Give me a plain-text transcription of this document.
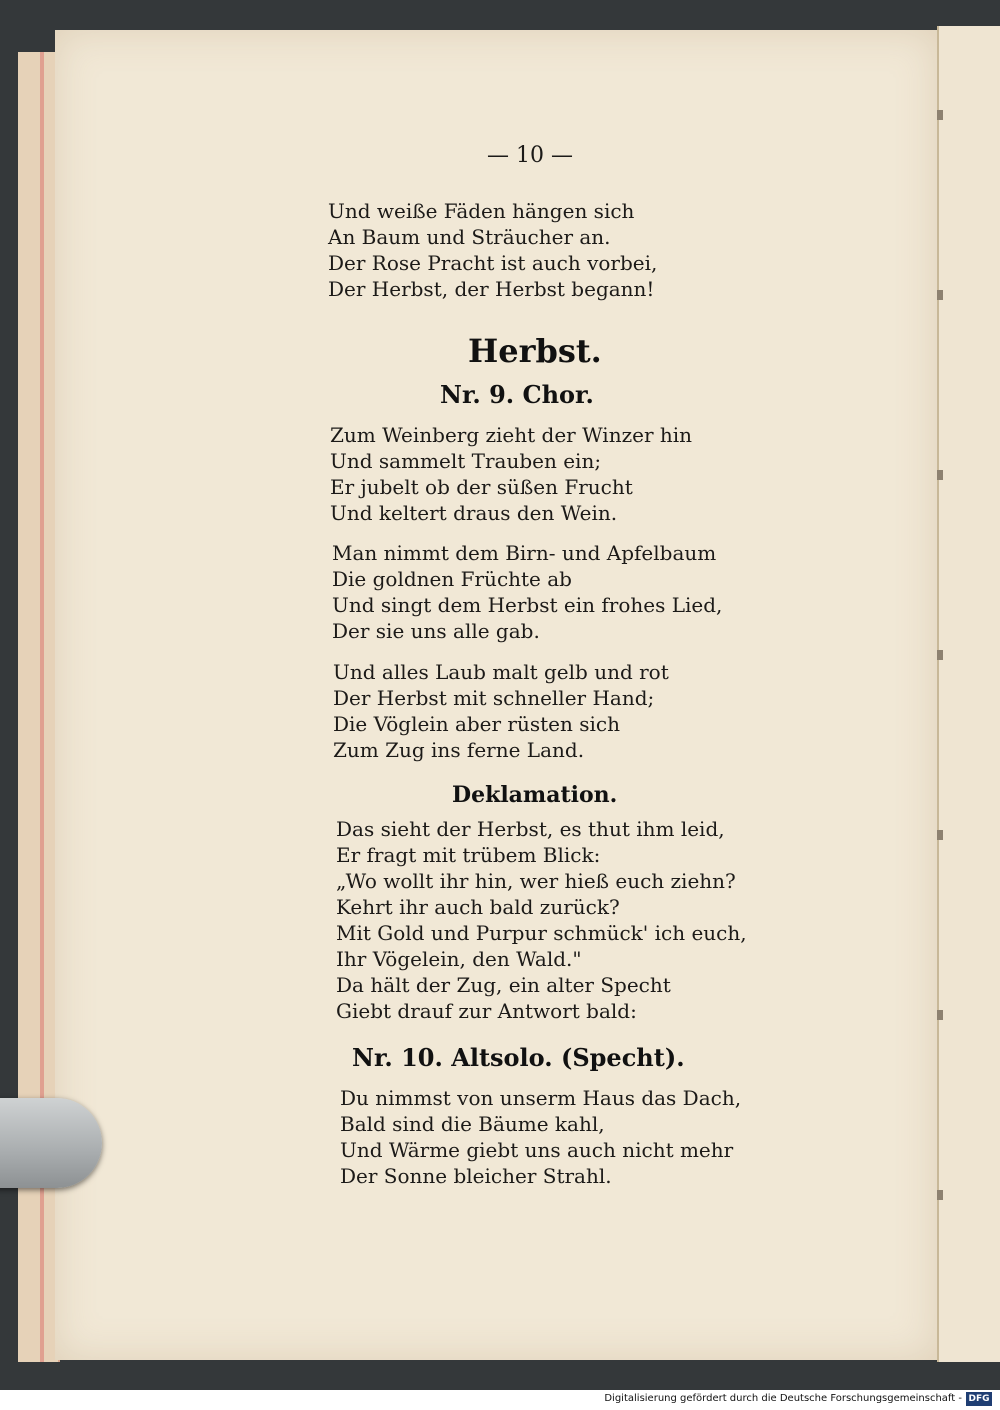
— 10 —
Und weiße Fäden hängen sich
An Baum und Sträucher an.
Der Rose Pracht ist auch vorbei,
Der Herbst, der Herbst begann!
Herbst.
Nr. 9. Chor.
Zum Weinberg zieht der Winzer hin
Und sammelt Trauben ein;
Er jubelt ob der süßen Frucht
Und keltert draus den Wein.
Man nimmt dem Birn- und Apfelbaum
Die goldnen Früchte ab
Und singt dem Herbst ein frohes Lied,
Der sie uns alle gab.
Und alles Laub malt gelb und rot
Der Herbst mit schneller Hand;
Die Vöglein aber rüsten sich
Zum Zug ins ferne Land.
Deklamation.
Das sieht der Herbst, es thut ihm leid,
Er fragt mit trübem Blick:
„Wo wollt ihr hin, wer hieß euch ziehn?
Kehrt ihr auch bald zurück?
Mit Gold und Purpur schmück' ich euch,
Ihr Vögelein, den Wald."
Da hält der Zug, ein alter Specht
Giebt drauf zur Antwort bald:
Nr. 10. Altsolo. (Specht).
Du nimmst von unserm Haus das Dach,
Bald sind die Bäume kahl,
Und Wärme giebt uns auch nicht mehr
Der Sonne bleicher Strahl.
Digitalisierung gefördert durch die Deutsche Forschungsgemeinschaft - DFG
